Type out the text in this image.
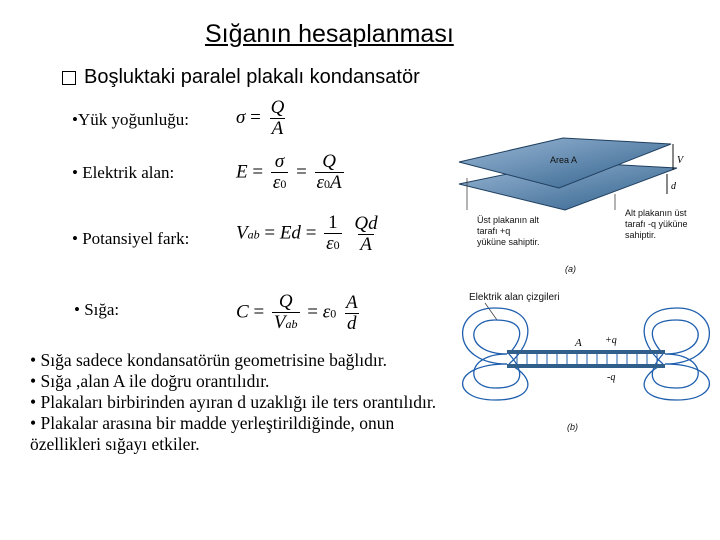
Sığanın hesaplanması
Boşluktaki paralel plakalı kondansatör
•Yük yoğunluğu:
• Elektrik alan:
• Potansiyel fark:
• Sığa:
$\sigma = \frac{Q}{A}$
$E = \frac{\sigma}{\varepsilon 0} = \frac{Q}{\varepsilon 0A}$
Vab = $Ed = \frac{1}{\varepsilon 0}$
$\frac{Qd}{A}$
$C = \frac{Q}{\text{Vab}} = \varepsilon 0 \frac{A}{d}$

• Sığa sadece kondansatörün geometrisine bağlıdır.

• Sığa ,alan A ile doğru orantılıdır.

• Plakaları birbirinden ayıran d uzaklığı ile ters orantılıdır.

• Plakalar arasına bir madde yerleştirildiğinde, onun özellikleri sığayı etkiler.

Area A	V
d
Üst plakanın alt tarafı +q yüküne sahiptir.
Alt plakanın üst tarafı -q yüküne sahiptir.
(a)
Elektrik alan çizgileri
A +q
-q
(b)
